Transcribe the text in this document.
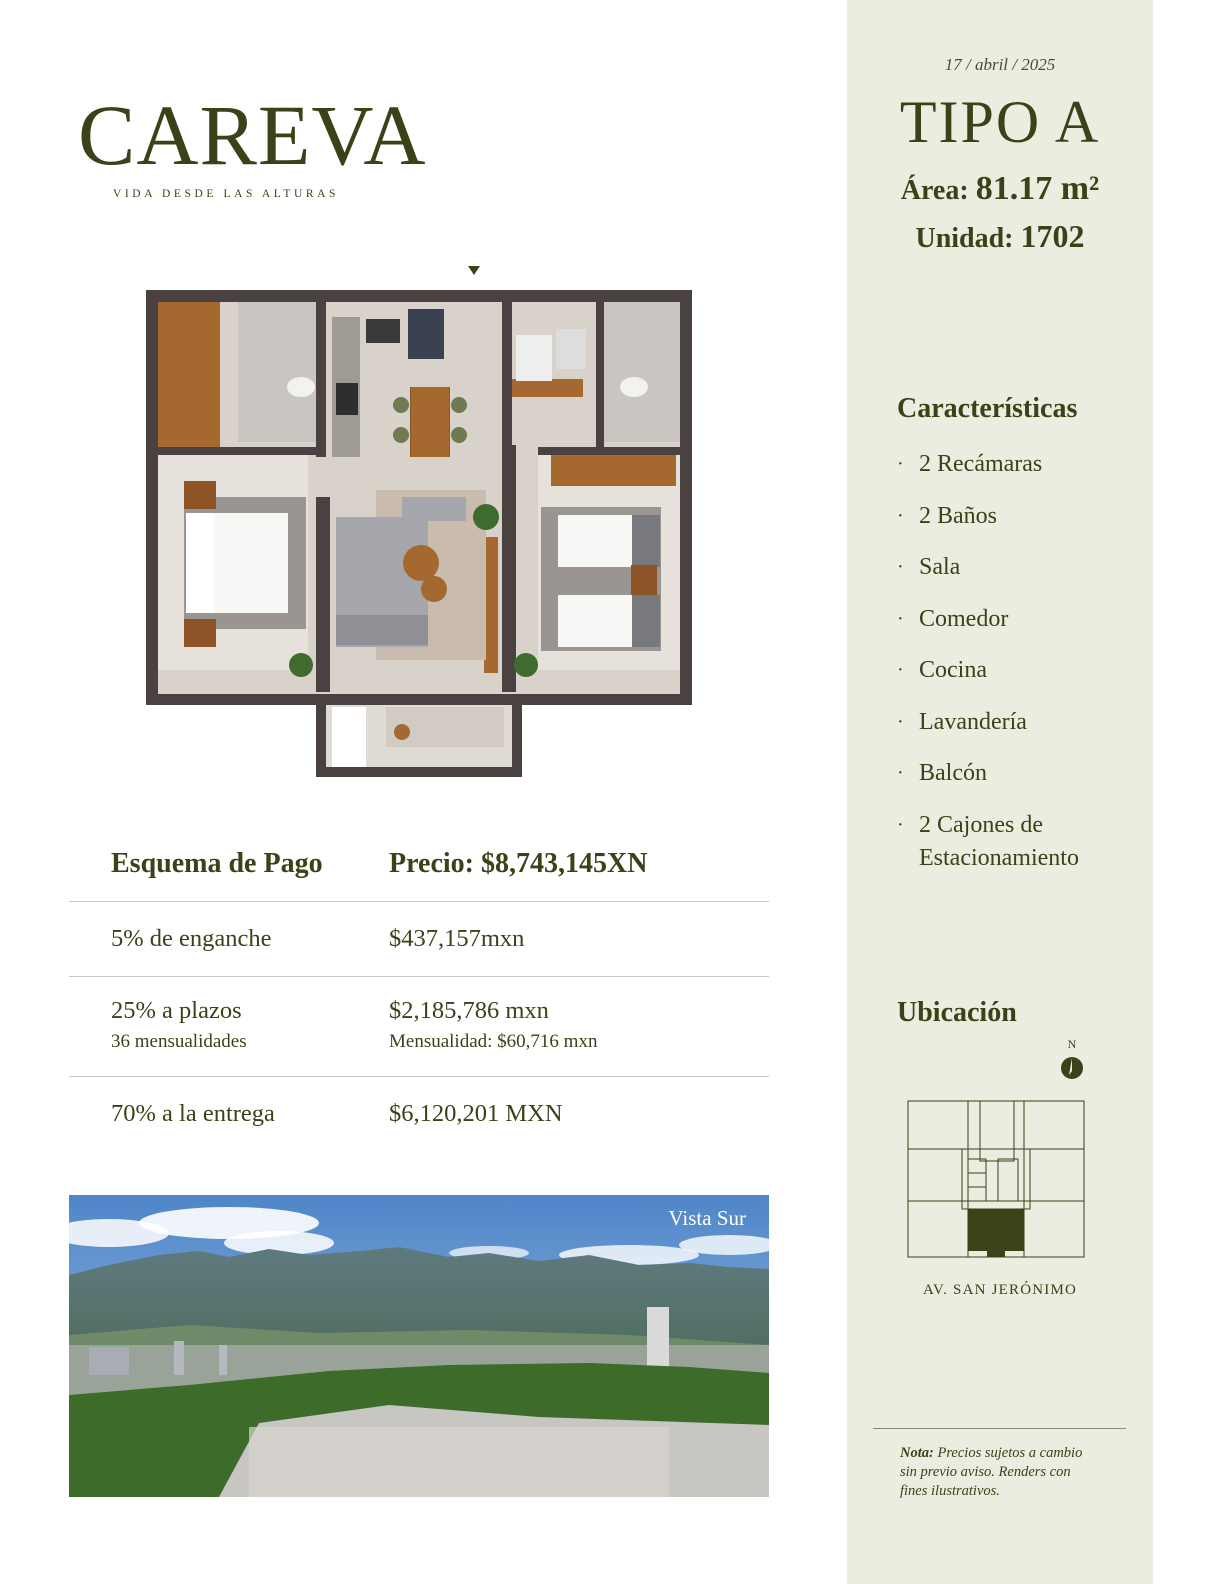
CAREVA
VIDA DESDE LAS ALTURAS
Esquema de Pago Precio: $8,743,145XN
5% de enganche	$437,157mxn
25% a plazos
36 mensualidades
$2,185,786 mxn
Mensualidad: $60,716 mxn
70% a la entrega	$6,120,201 MXN
Vista Sur
17 / abril / 2025
TIPO A
Área: 81.17 m²
Unidad: 1702
Características
· 2 Recámaras
· 2 Baños
· Sala
· Comedor
· Cocina
· Lavandería
· Balcón
· 2 Cajones de Estacionamiento
Ubicación
N
AV. SAN JERÓNIMO
Nota: Precios sujetos a cambio sin previo aviso. Renders con fines ilustrativos.
